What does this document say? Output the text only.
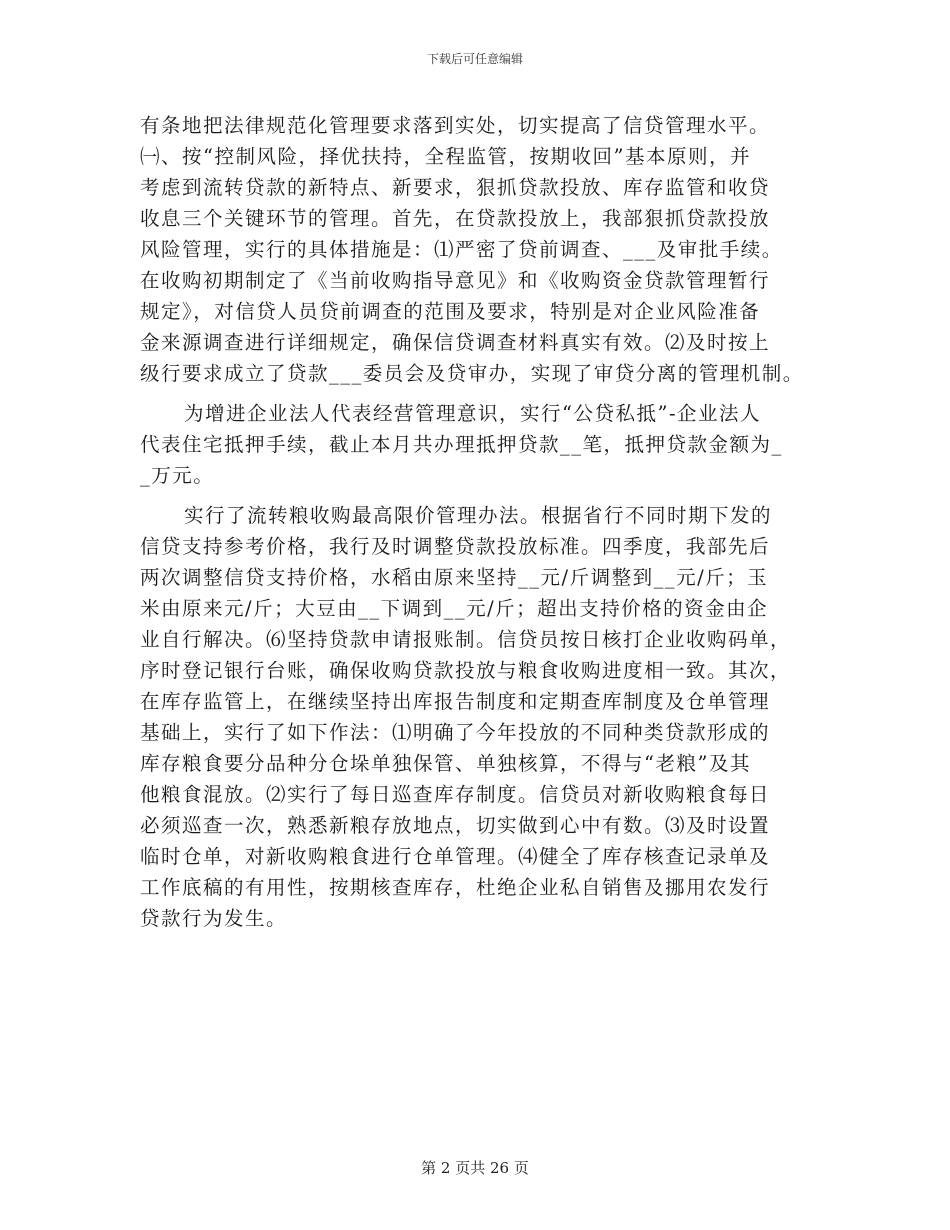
下载后可任意编辑
有条地把法律规范化管理要求落到实处，切实提高了信贷管理水平。
㈠、按“控制风险，择优扶持，全程监管，按期收回”基本原则，并
考虑到流转贷款的新特点、新要求，狠抓贷款投放、库存监管和收贷
收息三个关键环节的管理。首先，在贷款投放上，我部狠抓贷款投放
风险管理，实行的具体措施是：⑴严密了贷前调查、___及审批手续。
在收购初期制定了《当前收购指导意见》和《收购资金贷款管理暂行
规定》，对信贷人员贷前调查的范围及要求，特别是对企业风险准备
金来源调查进行详细规定，确保信贷调查材料真实有效。⑵及时按上
级行要求成立了贷款___委员会及贷审办，实现了审贷分离的管理机制。
为增进企业法人代表经营管理意识，实行“公贷私抵”-企业法人
代表住宅抵押手续，截止本月共办理抵押贷款__笔，抵押贷款金额为_
_万元。
实行了流转粮收购最高限价管理办法。根据省行不同时期下发的
信贷支持参考价格，我行及时调整贷款投放标准。四季度，我部先后
两次调整信贷支持价格，水稻由原来坚持__元/斤调整到__元/斤；玉
米由原来元/斤；大豆由__下调到__元/斤；超出支持价格的资金由企
业自行解决。⑹坚持贷款申请报账制。信贷员按日核打企业收购码单，
序时登记银行台账，确保收购贷款投放与粮食收购进度相一致。其次，
在库存监管上，在继续坚持出库报告制度和定期查库制度及仓单管理
基础上，实行了如下作法：⑴明确了今年投放的不同种类贷款形成的
库存粮食要分品种分仓垛单独保管、单独核算，不得与“老粮”及其
他粮食混放。⑵实行了每日巡查库存制度。信贷员对新收购粮食每日
必须巡查一次，熟悉新粮存放地点，切实做到心中有数。⑶及时设置
临时仓单，对新收购粮食进行仓单管理。⑷健全了库存核查记录单及
工作底稿的有用性，按期核查库存，杜绝企业私自销售及挪用农发行
贷款行为发生。
第 2 页共 26 页
